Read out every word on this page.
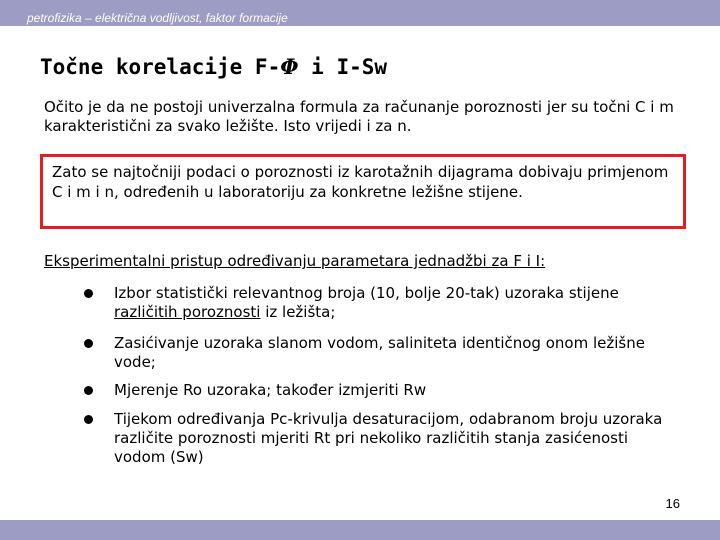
petrofizika – električna vodljivost, faktor formacije
Točne korelacije F-Φ i I-Sw
Očito je da ne postoji univerzalna formula za računanje poroznosti jer su točni C i m karakteristični za svako ležište. Isto vrijedi i za n.
Zato se najtočniji podaci o poroznosti iz karotažnih dijagrama dobivaju primjenom C i m i n, određenih u laboratoriju za konkretne ležišne stijene.
Eksperimentalni pristup određivanju parametara jednadžbi za F i I:
Izbor statistički relevantnog broja (10, bolje 20-tak) uzoraka stijene različitih poroznosti iz ležišta;
Zasićivanje uzoraka slanom vodom, saliniteta identičnog onom ležišne vode;
Mjerenje Ro uzoraka; također izmjeriti Rw
Tijekom određivanja Pc-krivulja desaturacijom, odabranom broju uzoraka različite poroznosti mjeriti Rt pri nekoliko različitih stanja zasićenosti vodom (Sw)
16
